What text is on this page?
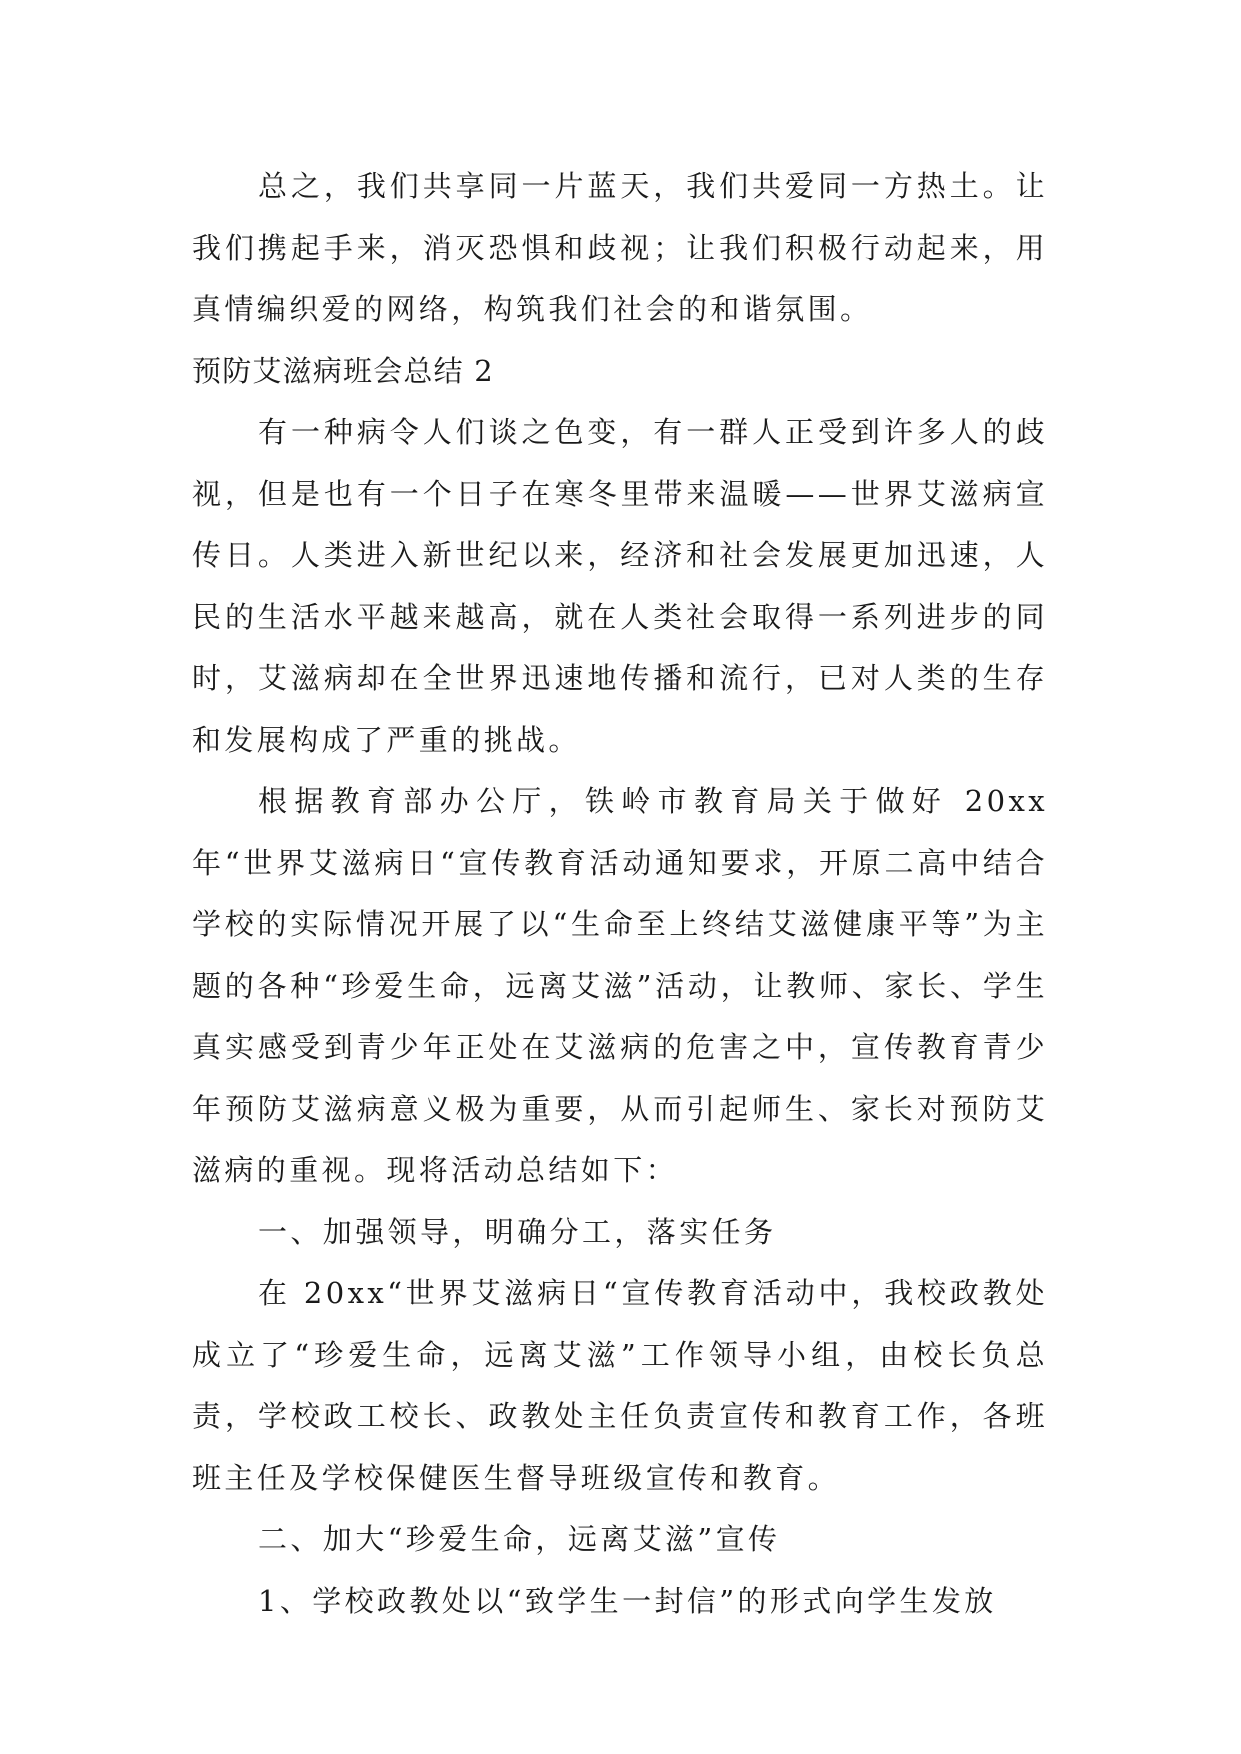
总之，我们共享同一片蓝天，我们共爱同一方热土。让我们携起手来，消灭恐惧和歧视；让我们积极行动起来，用真情编织爱的网络，构筑我们社会的和谐氛围。

预防艾滋病班会总结 2

有一种病令人们谈之色变，有一群人正受到许多人的歧视，但是也有一个日子在寒冬里带来温暖——世界艾滋病宣传日。人类进入新世纪以来，经济和社会发展更加迅速，人民的生活水平越来越高，就在人类社会取得一系列进步的同时，艾滋病却在全世界迅速地传播和流行，已对人类的生存和发展构成了严重的挑战。

根据教育部办公厅，铁岭市教育局关于做好 20xx 年“世界艾滋病日“宣传教育活动通知要求，开原二高中结合学校的实际情况开展了以“生命至上终结艾滋健康平等”为主题的各种“珍爱生命，远离艾滋”活动，让教师、家长、学生真实感受到青少年正处在艾滋病的危害之中，宣传教育青少年预防艾滋病意义极为重要，从而引起师生、家长对预防艾滋病的重视。现将活动总结如下：

一、加强领导，明确分工，落实任务

在 20xx“世界艾滋病日“宣传教育活动中，我校政教处成立了“珍爱生命，远离艾滋”工作领导小组，由校长负总责，学校政工校长、政教处主任负责宣传和教育工作，各班班主任及学校保健医生督导班级宣传和教育。

二、加大“珍爱生命，远离艾滋”宣传

1、学校政教处以“致学生一封信”的形式向学生发放
